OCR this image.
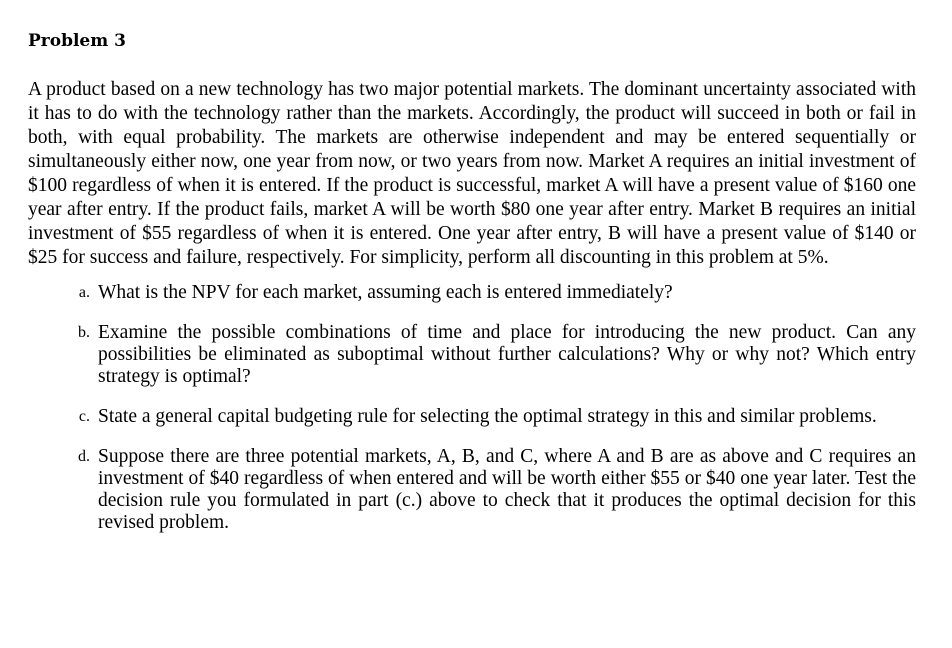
Problem 3

A product based on a new technology has two major potential markets. The dominant uncertainty associated with it has to do with the technology rather than the markets. Accordingly, the product will succeed in both or fail in both, with equal probability. The markets are otherwise independent and may be entered sequentially or simultaneously either now, one year from now, or two years from now. Market A requires an initial investment of $100 regardless of when it is entered. If the product is successful, market A will have a present value of $160 one year after entry. If the product fails, market A will be worth $80 one year after entry. Market B requires an initial investment of $55 regardless of when it is entered. One year after entry, B will have a present value of $140 or $25 for success and failure, respectively. For simplicity, perform all discounting in this problem at 5%.

a. What is the NPV for each market, assuming each is entered immediately?
b. Examine the possible combinations of time and place for introducing the new product. Can any possibilities be eliminated as suboptimal without further calculations? Why or why not? Which entry strategy is optimal?
c. State a general capital budgeting rule for selecting the optimal strategy in this and similar problems.
d. Suppose there are three potential markets, A, B, and C, where A and B are as above and C requires an investment of $40 regardless of when entered and will be worth either $55 or $40 one year later. Test the decision rule you formulated in part (c.) above to check that it produces the optimal decision for this revised problem.
